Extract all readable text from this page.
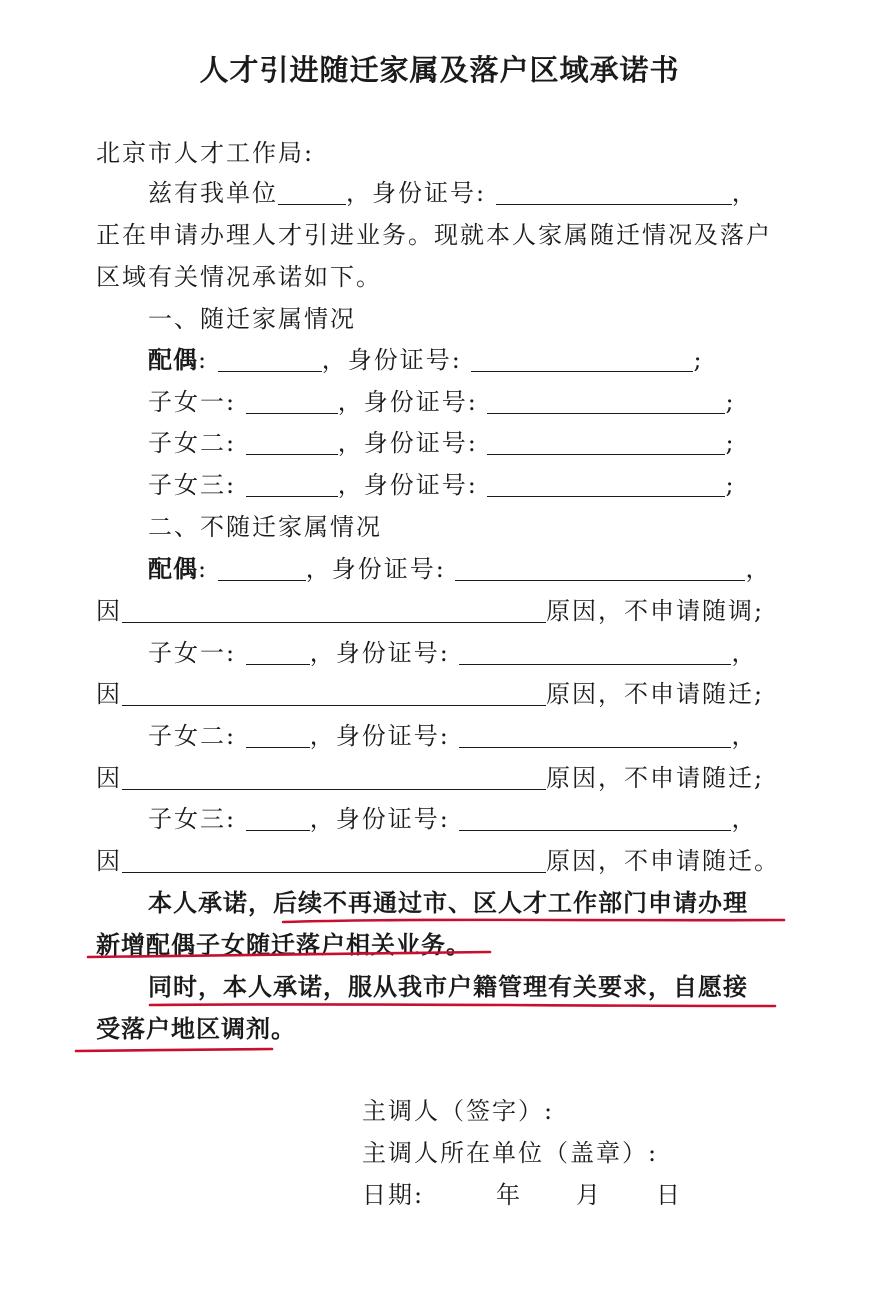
人才引进随迁家属及落户区域承诺书
北京市人才工作局:
兹有我单位	，身份证号:	，
正在申请办理人才引进业务。现就本人家属随迁情况及落户
区域有关情况承诺如下。
一、随迁家属情况
配偶:	，身份证号:	;
子女一:	，身份证号:	;
子女二:	，身份证号:	;
子女三:	，身份证号:	;
二、不随迁家属情况
配偶:	，身份证号:	，
因	原因，不申请随调;
子女一:	，身份证号:	，
因	原因，不申请随迁;
子女二:	，身份证号:	，
因	原因，不申请随迁;
子女三:	，身份证号:	，
因	原因，不申请随迁。
本人承诺，后续不再通过市、区人才工作部门申请办理
新增配偶子女随迁落户相关业务。
同时，本人承诺，服从我市户籍管理有关要求，自愿接
受落户地区调剂。
主调人（签字）:
主调人所在单位（盖章）:
日期:	年 月 日
